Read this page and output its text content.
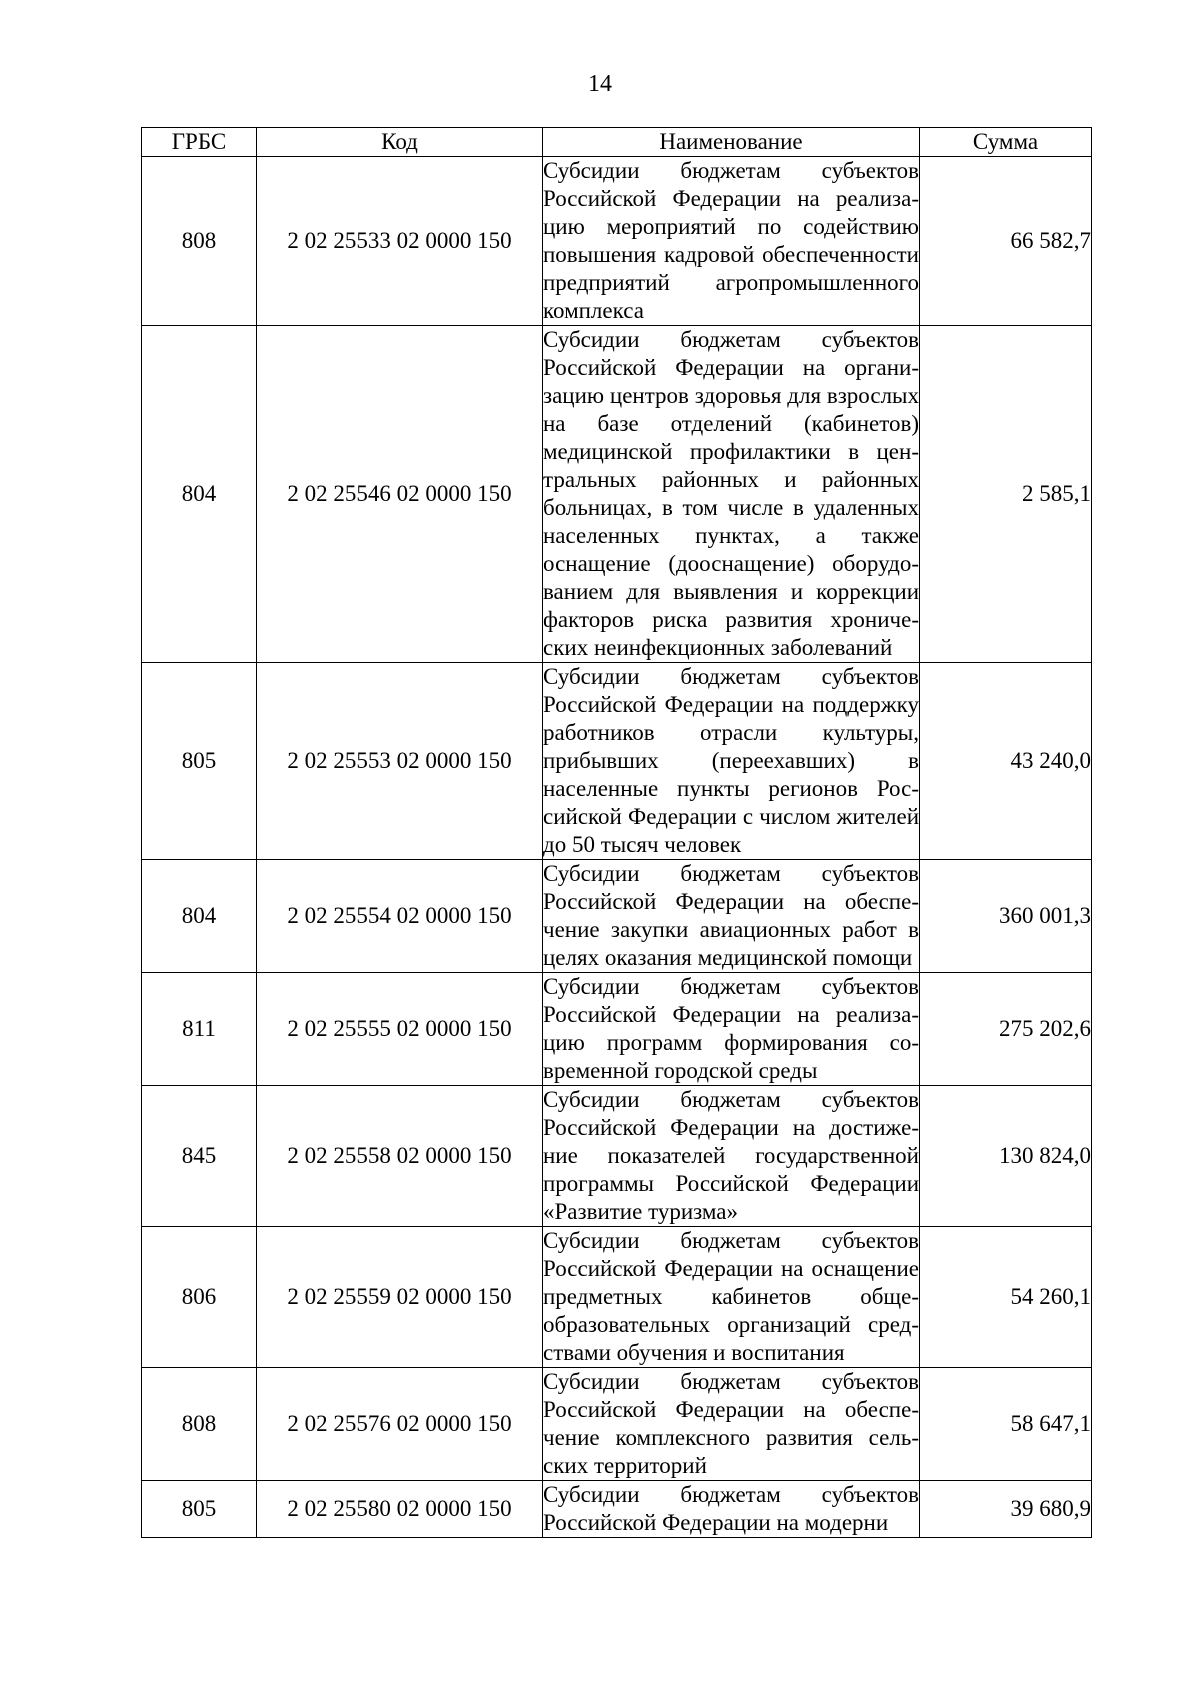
14
ГРБС	Код	Наименование	Сумма
808	2 02 25533 02 0000 150	Субсидии бюджетам субъектов Российской Федерации на реализацию мероприятий по содействию повышения кадровой обеспеченности предприятий агропромышленного комплекса	66 582,7
804	2 02 25546 02 0000 150	Субсидии бюджетам субъектов Российской Федерации на организацию центров здоровья для взрослых на базе отделений (кабинетов) медицинской профилактики в центральных районных и районных больницах, в том числе в удаленных населенных пунктах, а также оснащение (дооснащение) оборудованием для выявления и коррекции факторов риска развития хронических неинфекционных заболеваний	2 585,1
805	2 02 25553 02 0000 150	Субсидии бюджетам субъектов Российской Федерации на поддержку работников отрасли культуры, прибывших (переехавших) в населенные пункты регионов Российской Федерации с числом жителей до 50 тысяч человек	43 240,0
804	2 02 25554 02 0000 150	Субсидии бюджетам субъектов Российской Федерации на обеспечение закупки авиационных работ в целях оказания медицинской помощи	360 001,3
811	2 02 25555 02 0000 150	Субсидии бюджетам субъектов Российской Федерации на реализацию программ формирования современной городской среды	275 202,6
845	2 02 25558 02 0000 150	Субсидии бюджетам субъектов Российской Федерации на достижение показателей государственной программы Российской Федерации «Развитие туризма»	130 824,0
806	2 02 25559 02 0000 150	Субсидии бюджетам субъектов Российской Федерации на оснащение предметных кабинетов общеобразовательных организаций средствами обучения и воспитания	54 260,1
808	2 02 25576 02 0000 150	Субсидии бюджетам субъектов Российской Федерации на обеспечение комплексного развития сельских территорий	58 647,1
805	2 02 25580 02 0000 150	Субсидии бюджетам субъектов Российской Федерации на модерни	39 680,9
